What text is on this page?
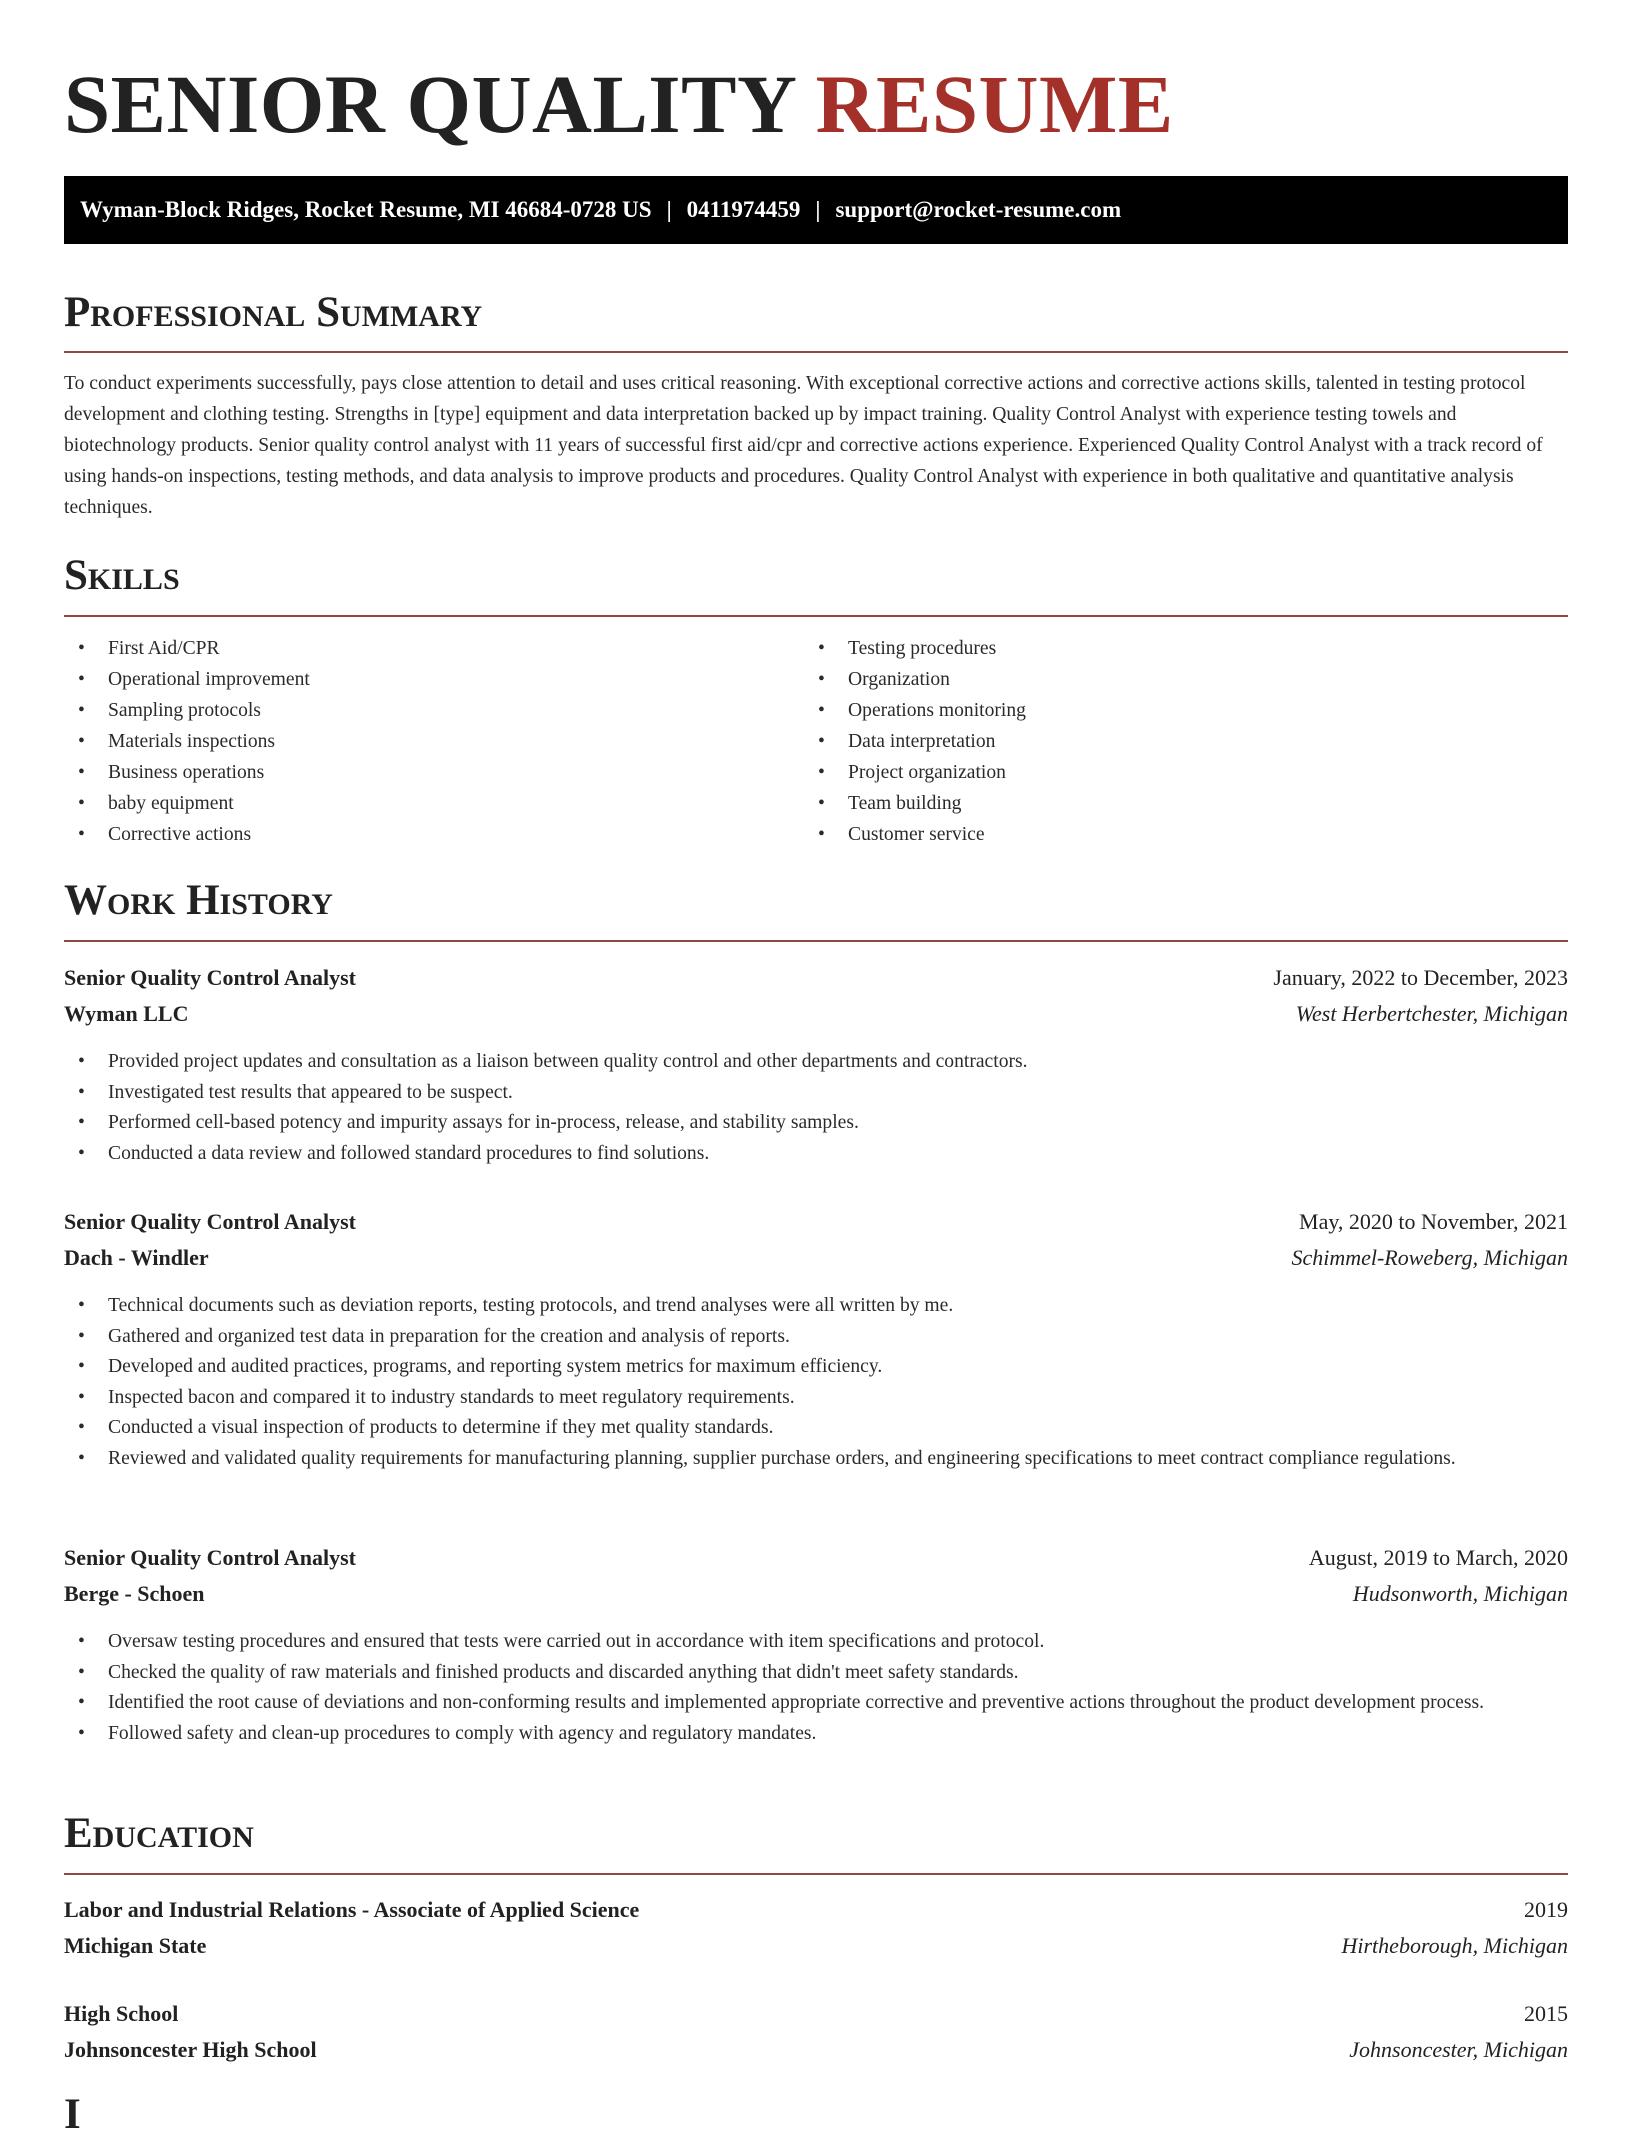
SENIOR QUALITY RESUME
Wyman-Block Ridges, Rocket Resume, MI 46684-0728 US | 0411974459 | support@rocket-resume.com
Professional Summary

To conduct experiments successfully, pays close attention to detail and uses critical reasoning. With exceptional corrective actions and corrective actions skills, talented in testing protocol development and clothing testing. Strengths in [type] equipment and data interpretation backed up by impact training. Quality Control Analyst with experience testing towels and biotechnology products. Senior quality control analyst with 11 years of successful first aid/cpr and corrective actions experience. Experienced Quality Control Analyst with a track record of using hands-on inspections, testing methods, and data analysis to improve products and procedures. Quality Control Analyst with experience in both qualitative and quantitative analysis techniques.

Skills
• First Aid/CPR
• Operational improvement
• Sampling protocols
• Materials inspections
• Business operations
• baby equipment
• Corrective actions
• Testing procedures
• Organization
• Operations monitoring
• Data interpretation
• Project organization
• Team building
• Customer service
Work History
Senior Quality Control Analyst	January, 2022 to December, 2023
Wyman LLC	West Herbertchester, Michigan
• Provided project updates and consultation as a liaison between quality control and other departments and contractors.
• Investigated test results that appeared to be suspect.
• Performed cell-based potency and impurity assays for in-process, release, and stability samples.
• Conducted a data review and followed standard procedures to find solutions.
Senior Quality Control Analyst	May, 2020 to November, 2021
Dach - Windler	Schimmel-Roweberg, Michigan
• Technical documents such as deviation reports, testing protocols, and trend analyses were all written by me.
• Gathered and organized test data in preparation for the creation and analysis of reports.
• Developed and audited practices, programs, and reporting system metrics for maximum efficiency.
• Inspected bacon and compared it to industry standards to meet regulatory requirements.
• Conducted a visual inspection of products to determine if they met quality standards.
• Reviewed and validated quality requirements for manufacturing planning, supplier purchase orders, and engineering specifications to meet contract compliance regulations.
Senior Quality Control Analyst	August, 2019 to March, 2020
Berge - Schoen	Hudsonworth, Michigan
• Oversaw testing procedures and ensured that tests were carried out in accordance with item specifications and protocol.
• Checked the quality of raw materials and finished products and discarded anything that didn't meet safety standards.
• Identified the root cause of deviations and non-conforming results and implemented appropriate corrective and preventive actions throughout the product development process.
• Followed safety and clean-up procedures to comply with agency and regulatory mandates.
Education
Labor and Industrial Relations - Associate of Applied Science	2019
Michigan State	Hirtheborough, Michigan
High School	2015
Johnsoncester High School	Johnsoncester, Michigan
I
